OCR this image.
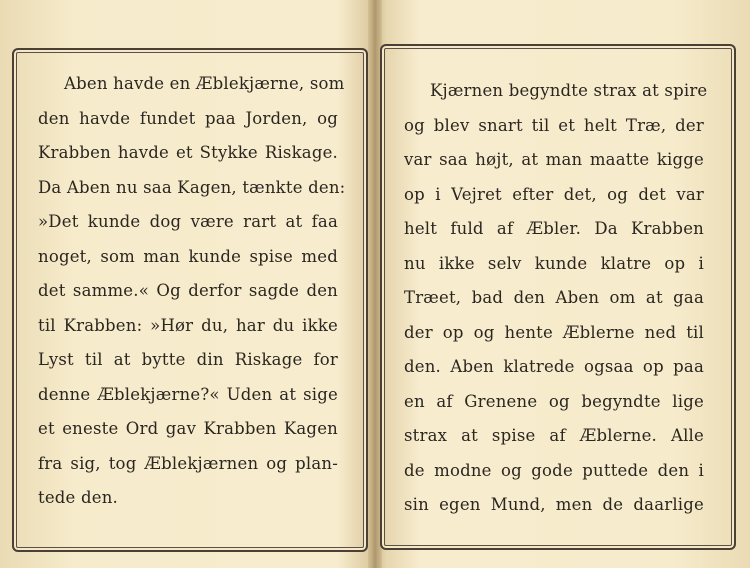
Aben havde en Æblekjærne, som
den havde fundet paa Jorden, og
Krabben havde et Stykke Riskage.
Da Aben nu saa Kagen, tænkte den:
»Det kunde dog være rart at faa
noget, som man kunde spise med
det samme.« Og derfor sagde den
til Krabben: »Hør du, har du ikke
Lyst til at bytte din Riskage for
denne Æblekjærne?« Uden at sige
et eneste Ord gav Krabben Kagen
fra sig, tog Æblekjærnen og plan-
tede den.
Kjærnen begyndte strax at spire
og blev snart til et helt Træ, der
var saa højt, at man maatte kigge
op i Vejret efter det, og det var
helt fuld af Æbler. Da Krabben
nu ikke selv kunde klatre op i
Træet, bad den Aben om at gaa
der op og hente Æblerne ned til
den. Aben klatrede ogsaa op paa
en af Grenene og begyndte lige
strax at spise af Æblerne. Alle
de modne og gode puttede den i
sin egen Mund, men de daarlige
